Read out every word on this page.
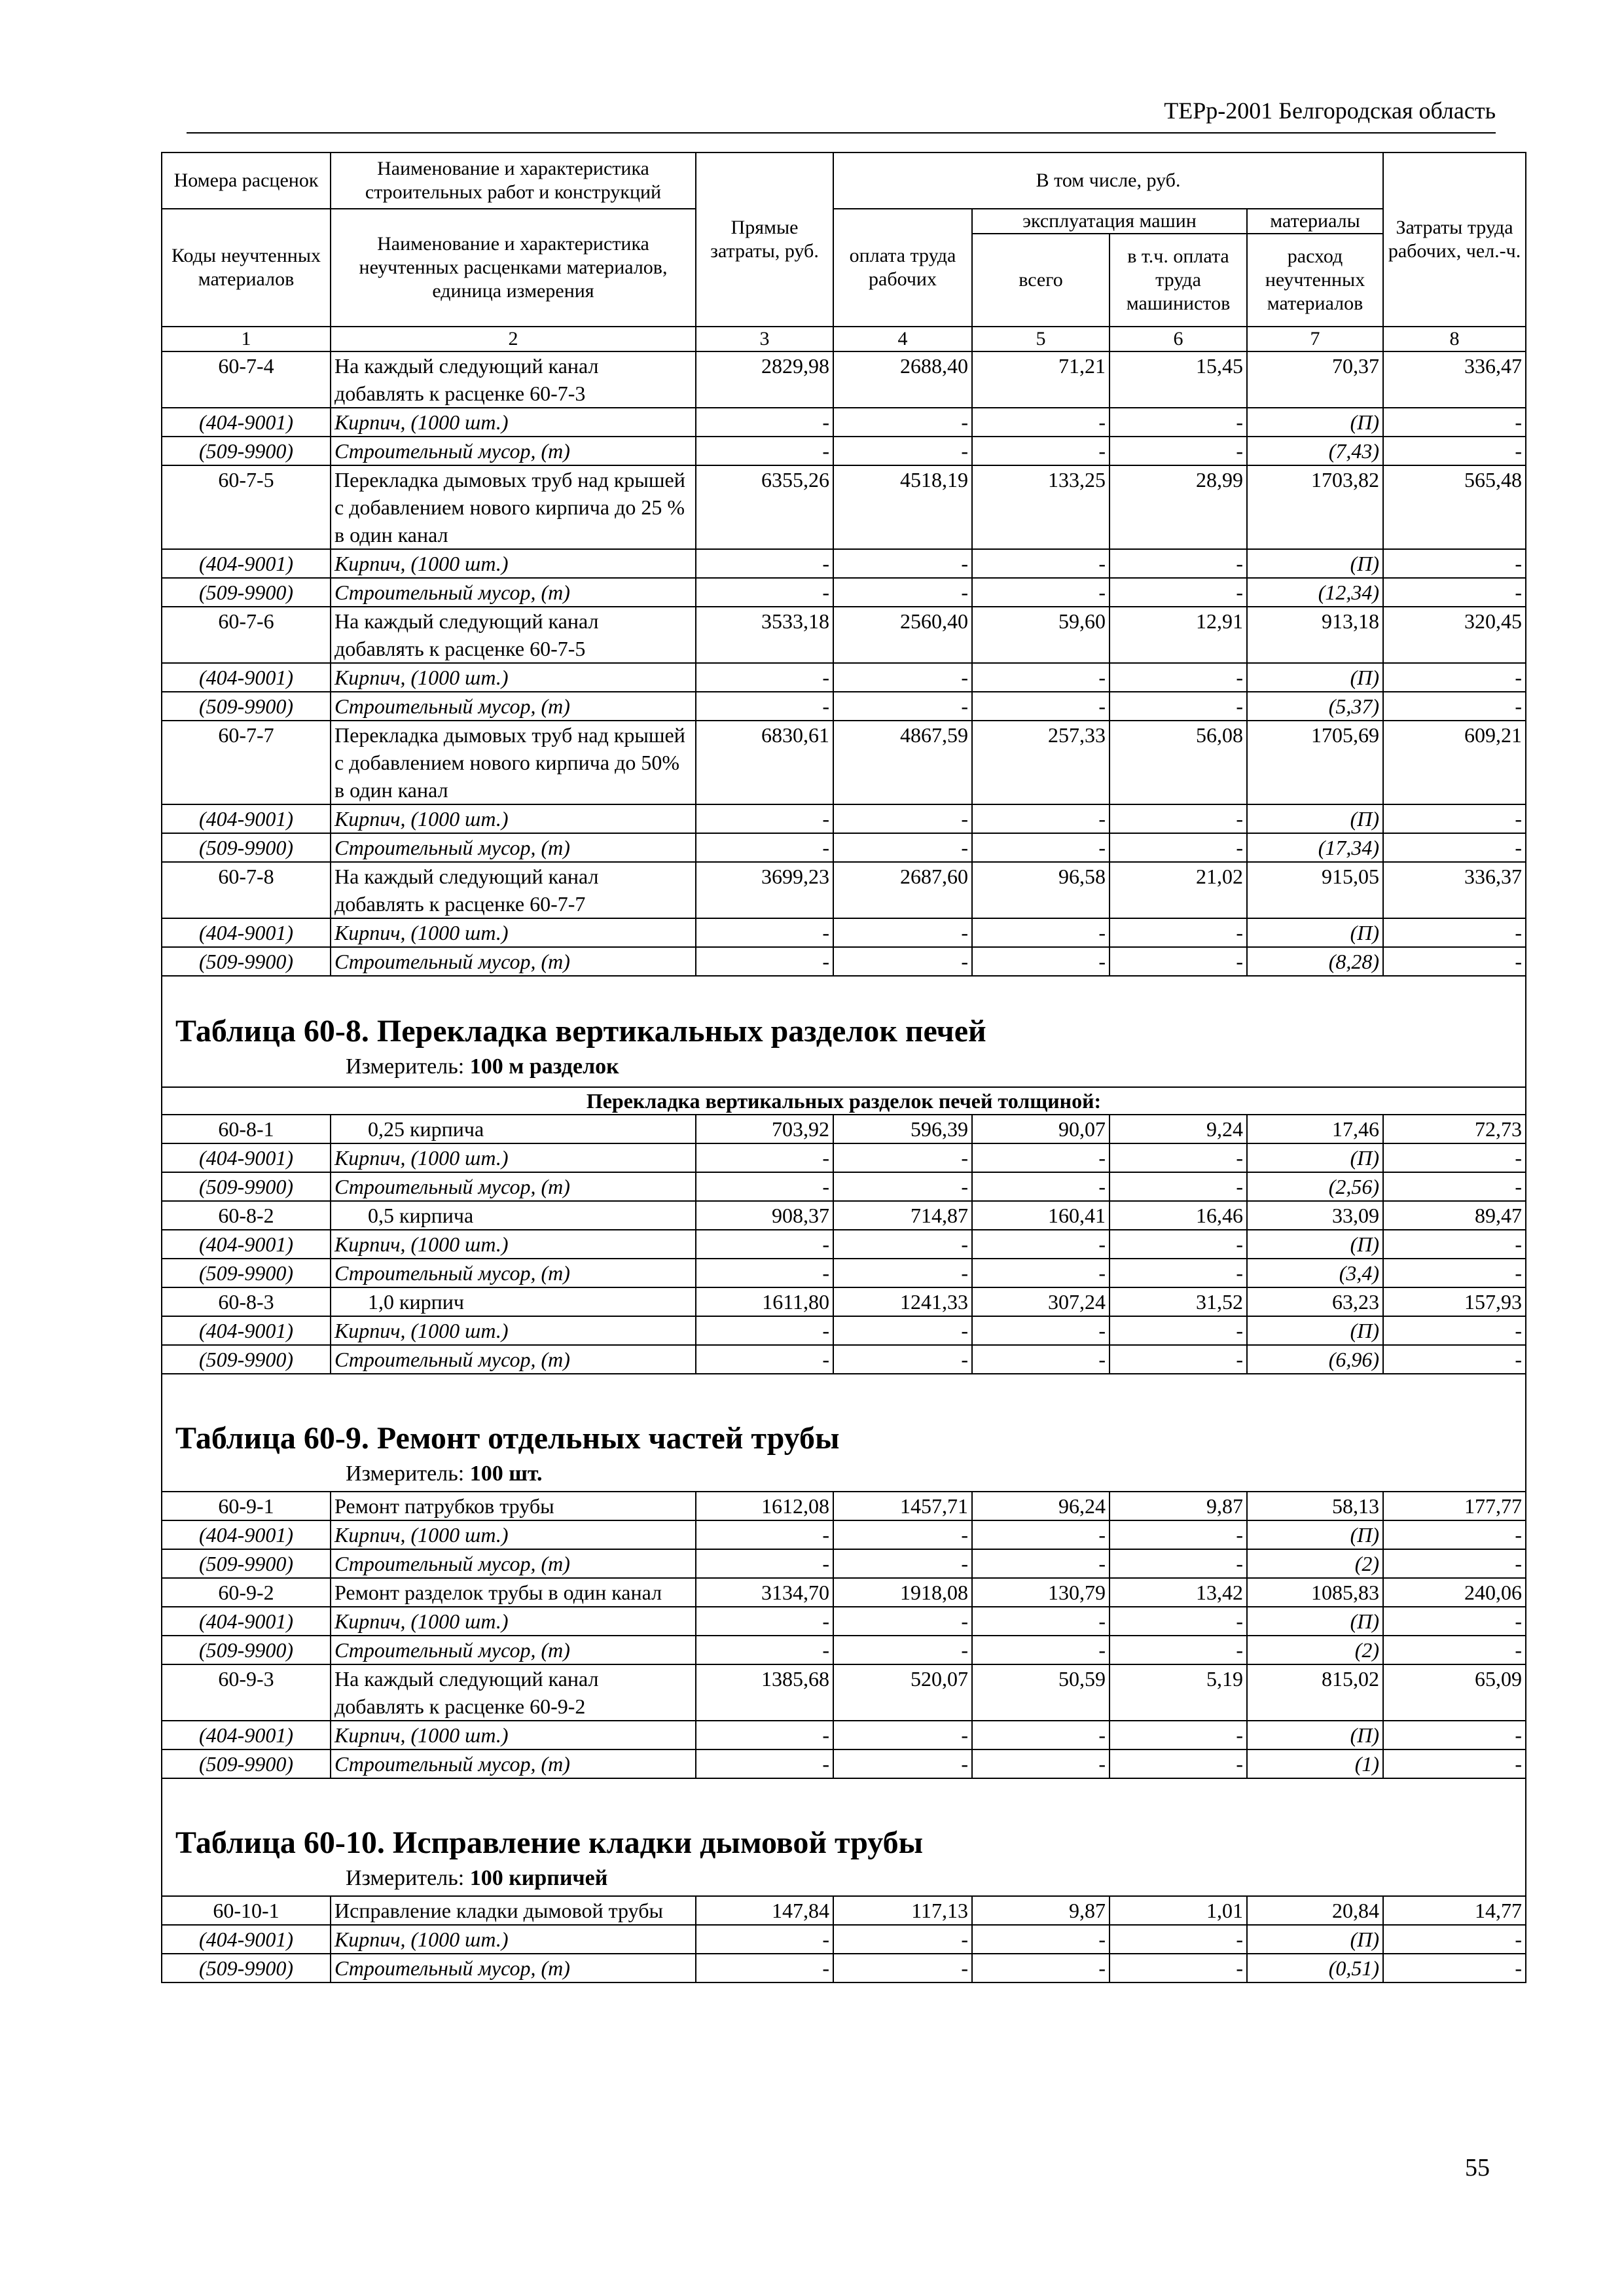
ТЕРр-2001 Белгородская область
Номера расценок	Наименование и характеристика строительных работ и конструкций	Прямые затраты, руб.	В том числе, руб.				Затраты труда рабочих, чел.-ч.
Коды неучтенных материалов	Наименование и характеристика неучтенных расценками материалов, единица измерения		оплата труда рабочих	эксплуатация машин		материалы	
				всего	в т.ч. оплата труда машинистов	расход неучтенных материалов	
1	2	3	4	5	6	7	8
60-7-4	На каждый следующий канал добавлять к расценке 60-7-3	2829,98	2688,40	71,21	15,45	70,37	336,47
(404-9001)	Кирпич, (1000 шт.)	-	-	-	-	(П)	-
(509-9900)	Строительный мусор, (т)	-	-	-	-	(7,43)	-
60-7-5	Перекладка дымовых труб над крышей с добавлением нового кирпича до 25 % в один канал	6355,26	4518,19	133,25	28,99	1703,82	565,48
(404-9001)	Кирпич, (1000 шт.)	-	-	-	-	(П)	-
(509-9900)	Строительный мусор, (т)	-	-	-	-	(12,34)	-
60-7-6	На каждый следующий канал добавлять к расценке 60-7-5	3533,18	2560,40	59,60	12,91	913,18	320,45
(404-9001)	Кирпич, (1000 шт.)	-	-	-	-	(П)	-
(509-9900)	Строительный мусор, (т)	-	-	-	-	(5,37)	-
60-7-7	Перекладка дымовых труб над крышей с добавлением нового кирпича до 50% в один канал	6830,61	4867,59	257,33	56,08	1705,69	609,21
(404-9001)	Кирпич, (1000 шт.)	-	-	-	-	(П)	-
(509-9900)	Строительный мусор, (т)	-	-	-	-	(17,34)	-
60-7-8	На каждый следующий канал добавлять к расценке 60-7-7	3699,23	2687,60	96,58	21,02	915,05	336,37
(404-9001)	Кирпич, (1000 шт.)	-	-	-	-	(П)	-
(509-9900)	Строительный мусор, (т)	-	-	-	-	(8,28)	-

Таблица 60-8. Перекладка вертикальных разделок печей
Измеритель: 100 м разделок							

Перекладка вертикальных разделок печей толщиной:							
60-8-1	0,25 кирпича	703,92	596,39	90,07	9,24	17,46	72,73
(404-9001)	Кирпич, (1000 шт.)	-	-	-	-	(П)	-
(509-9900)	Строительный мусор, (т)	-	-	-	-	(2,56)	-
60-8-2	0,5 кирпича	908,37	714,87	160,41	16,46	33,09	89,47
(404-9001)	Кирпич, (1000 шт.)	-	-	-	-	(П)	-
(509-9900)	Строительный мусор, (т)	-	-	-	-	(3,4)	-
60-8-3	1,0 кирпич	1611,80	1241,33	307,24	31,52	63,23	157,93
(404-9001)	Кирпич, (1000 шт.)	-	-	-	-	(П)	-
(509-9900)	Строительный мусор, (т)	-	-	-	-	(6,96)	-

Таблица 60-9. Ремонт отдельных частей трубы
Измеритель: 100 шт.							

60-9-1	Ремонт патрубков трубы	1612,08	1457,71	96,24	9,87	58,13	177,77
(404-9001)	Кирпич, (1000 шт.)	-	-	-	-	(П)	-
(509-9900)	Строительный мусор, (т)	-	-	-	-	(2)	-
60-9-2	Ремонт разделок трубы в один канал	3134,70	1918,08	130,79	13,42	1085,83	240,06
(404-9001)	Кирпич, (1000 шт.)	-	-	-	-	(П)	-
(509-9900)	Строительный мусор, (т)	-	-	-	-	(2)	-
60-9-3	На каждый следующий канал добавлять к расценке 60-9-2	1385,68	520,07	50,59	5,19	815,02	65,09
(404-9001)	Кирпич, (1000 шт.)	-	-	-	-	(П)	-
(509-9900)	Строительный мусор, (т)	-	-	-	-	(1)	-

Таблица 60-10. Исправление кладки дымовой трубы
Измеритель: 100 кирпичей							

60-10-1	Исправление кладки дымовой трубы	147,84	117,13	9,87	1,01	20,84	14,77
(404-9001)	Кирпич, (1000 шт.)	-	-	-	-	(П)	-
(509-9900)	Строительный мусор, (т)	-	-	-	-	(0,51)	-
55
